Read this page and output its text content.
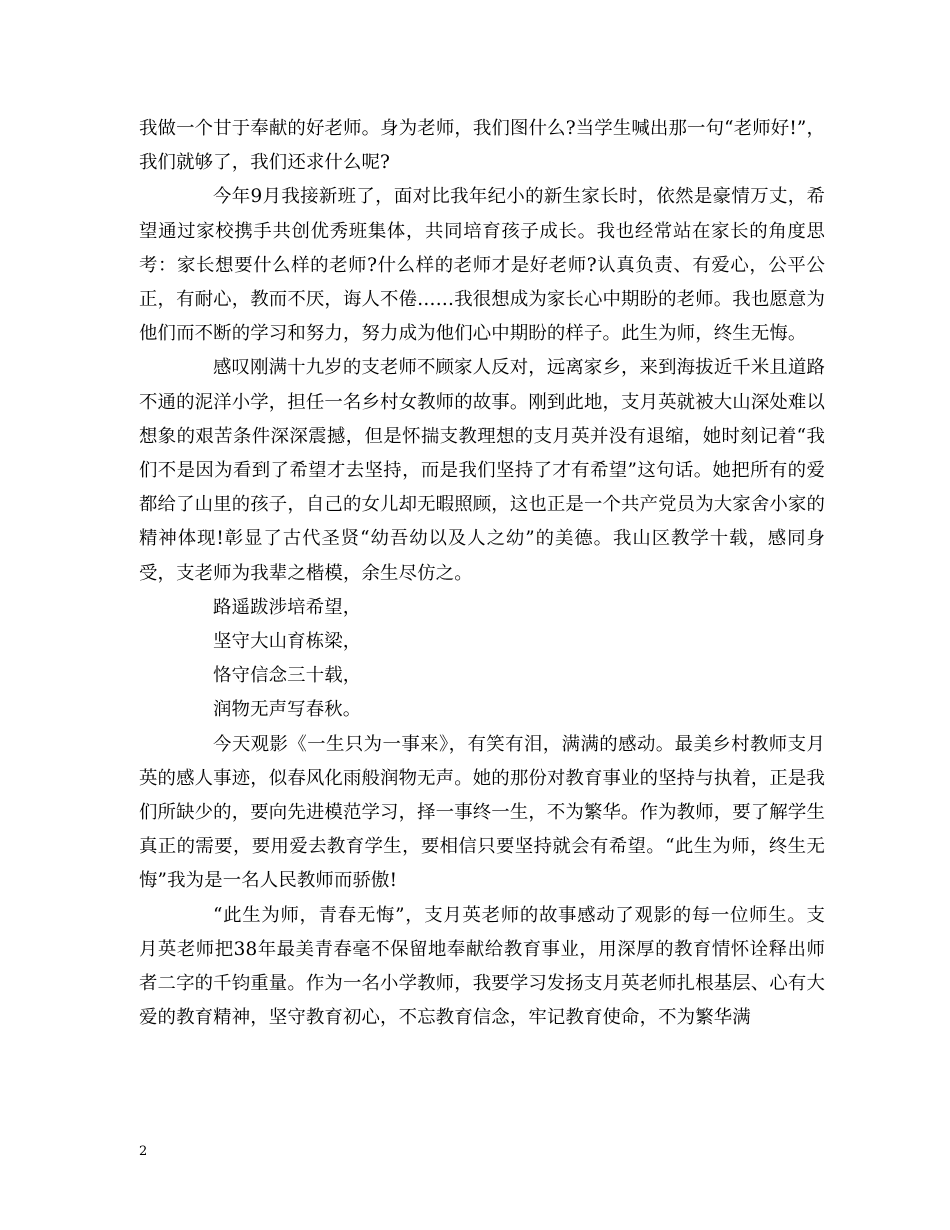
我做一个甘于奉献的好老师。身为老师，我们图什么?当学生喊出那一句“老师好!”，我们就够了，我们还求什么呢?

今年9月我接新班了，面对比我年纪小的新生家长时，依然是豪情万丈，希望通过家校携手共创优秀班集体，共同培育孩子成长。我也经常站在家长的角度思考：家长想要什么样的老师?什么样的老师才是好老师?认真负责、有爱心，公平公正，有耐心，教而不厌，诲人不倦……我很想成为家长心中期盼的老师。我也愿意为他们而不断的学习和努力，努力成为他们心中期盼的样子。此生为师，终生无悔。

感叹刚满十九岁的支老师不顾家人反对，远离家乡，来到海拔近千米且道路不通的泥洋小学，担任一名乡村女教师的故事。刚到此地，支月英就被大山深处难以想象的艰苦条件深深震撼，但是怀揣支教理想的支月英并没有退缩，她时刻记着“我们不是因为看到了希望才去坚持，而是我们坚持了才有希望”这句话。她把所有的爱都给了山里的孩子，自己的女儿却无暇照顾，这也正是一个共产党员为大家舍小家的精神体现!彰显了古代圣贤“幼吾幼以及人之幼”的美德。我山区教学十载，感同身受，支老师为我辈之楷模，余生尽仿之。

路遥跋涉培希望，

坚守大山育栋梁，

恪守信念三十载，

润物无声写春秋。

今天观影《一生只为一事来》，有笑有泪，满满的感动。最美乡村教师支月英的感人事迹，似春风化雨般润物无声。她的那份对教育事业的坚持与执着，正是我们所缺少的，要向先进模范学习，择一事终一生，不为繁华。作为教师，要了解学生真正的需要，要用爱去教育学生，要相信只要坚持就会有希望。“此生为师，终生无悔”我为是一名人民教师而骄傲!

“此生为师，青春无悔”，支月英老师的故事感动了观影的每一位师生。支月英老师把38年最美青春毫不保留地奉献给教育事业，用深厚的教育情怀诠释出师者二字的千钧重量。作为一名小学教师，我要学习发扬支月英老师扎根基层、心有大爱的教育精神，坚守教育初心，不忘教育信念，牢记教育使命，不为繁华满

2
